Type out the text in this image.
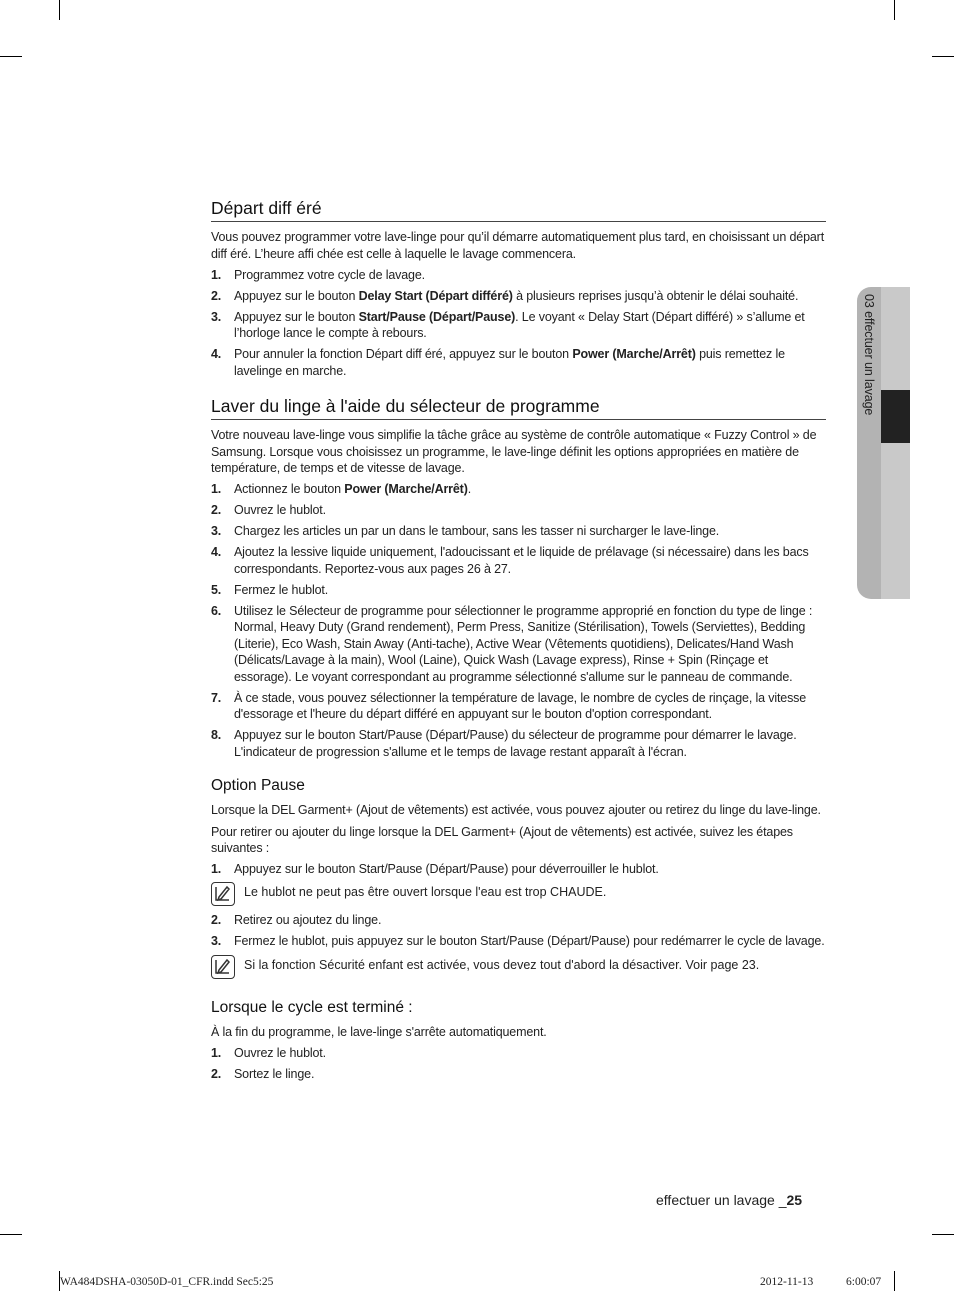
03 effectuer un lavage
Départ diff éré

Vous pouvez programmer votre lave-linge pour qu’il démarre automatiquement plus tard, en choisissant un départ diff éré. L’heure affi chée est celle à laquelle le lavage commencera.

1. Programmez votre cycle de lavage.
2. Appuyez sur le bouton Delay Start (Départ différé) à plusieurs reprises jusqu’à obtenir le délai souhaité.
3. Appuyez sur le bouton Start/Pause (Départ/Pause). Le voyant « Delay Start (Départ différé) » s’allume et l’horloge lance le compte à rebours.
4. Pour annuler la fonction Départ diff éré, appuyez sur le bouton Power (Marche/Arrêt) puis remettez le lavelinge en marche.
Laver du linge à l'aide du sélecteur de programme

Votre nouveau lave-linge vous simplifie la tâche grâce au système de contrôle automatique « Fuzzy Control » de Samsung. Lorsque vous choisissez un programme, le lave-linge définit les options appropriées en matière de température, de temps et de vitesse de lavage.

1. Actionnez le bouton Power (Marche/Arrêt).
2. Ouvrez le hublot.
3. Chargez les articles un par un dans le tambour, sans les tasser ni surcharger le lave-linge.
4. Ajoutez la lessive liquide uniquement, l'adoucissant et le liquide de prélavage (si nécessaire) dans les bacs correspondants. Reportez-vous aux pages 26 à 27.
5. Fermez le hublot.
6. Utilisez le Sélecteur de programme pour sélectionner le programme approprié en fonction du type de linge : Normal, Heavy Duty (Grand rendement), Perm Press, Sanitize (Stérilisation), Towels (Serviettes), Bedding (Literie), Eco Wash, Stain Away (Anti-tache), Active Wear (Vêtements quotidiens), Delicates/Hand Wash (Délicats/Lavage à la main), Wool (Laine), Quick Wash (Lavage express), Rinse + Spin (Rinçage et essorage). Le voyant correspondant au programme sélectionné s'allume sur le panneau de commande.
7. À ce stade, vous pouvez sélectionner la température de lavage, le nombre de cycles de rinçage, la vitesse d'essorage et l'heure du départ différé en appuyant sur le bouton d'option correspondant.
8. Appuyez sur le bouton Start/Pause (Départ/Pause) du sélecteur de programme pour démarrer le lavage. L'indicateur de progression s'allume et le temps de lavage restant apparaît à l'écran.
Option Pause

Lorsque la DEL Garment+ (Ajout de vêtements) est activée, vous pouvez ajouter ou retirez du linge du lave-linge.

Pour retirer ou ajouter du linge lorsque la DEL Garment+ (Ajout de vêtements) est activée, suivez les étapes suivantes :

1. Appuyez sur le bouton Start/Pause (Départ/Pause) pour déverrouiller le hublot.
Le hublot ne peut pas être ouvert lorsque l'eau est trop CHAUDE.
2. Retirez ou ajoutez du linge.
3. Fermez le hublot, puis appuyez sur le bouton Start/Pause (Départ/Pause) pour redémarrer le cycle de lavage.
Si la fonction Sécurité enfant est activée, vous devez tout d'abord la désactiver. Voir page 23.
Lorsque le cycle est terminé :

À la fin du programme, le lave-linge s'arrête automatiquement.

1. Ouvrez le hublot.
2. Sortez le linge.
effectuer un lavage _25
WA484DSHA-03050D-01_CFR.indd Sec5:25	2012-11-13	6:00:07
